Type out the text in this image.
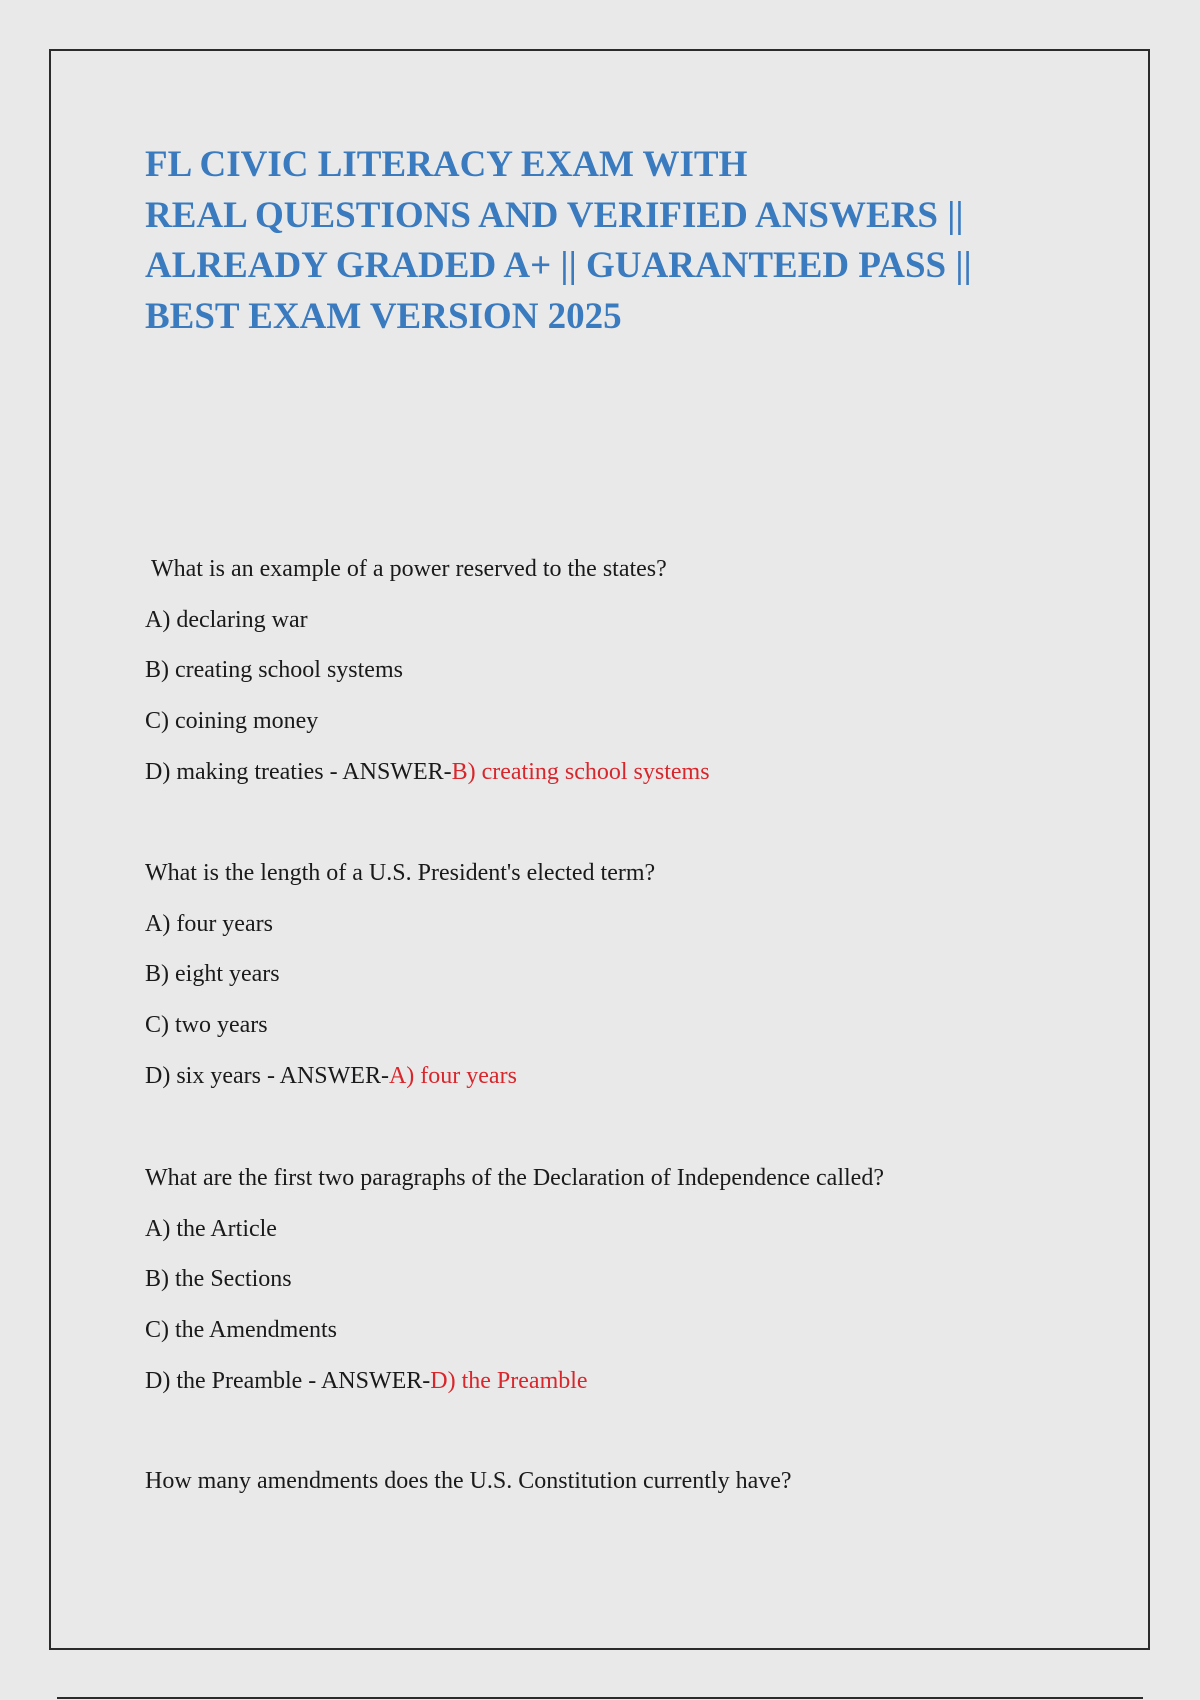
FL CIVIC LITERACY EXAM WITH
REAL QUESTIONS AND VERIFIED ANSWERS ||
ALREADY GRADED A+ || GUARANTEED PASS ||
BEST EXAM VERSION 2025
What is an example of a power reserved to the states?
A) declaring war
B) creating school systems
C) coining money
D) making treaties - ANSWER-B) creating school systems
What is the length of a U.S. President's elected term?
A) four years
B) eight years
C) two years
D) six years - ANSWER-A) four years
What are the first two paragraphs of the Declaration of Independence called?
A) the Article
B) the Sections
C) the Amendments
D) the Preamble - ANSWER-D) the Preamble
How many amendments does the U.S. Constitution currently have?
